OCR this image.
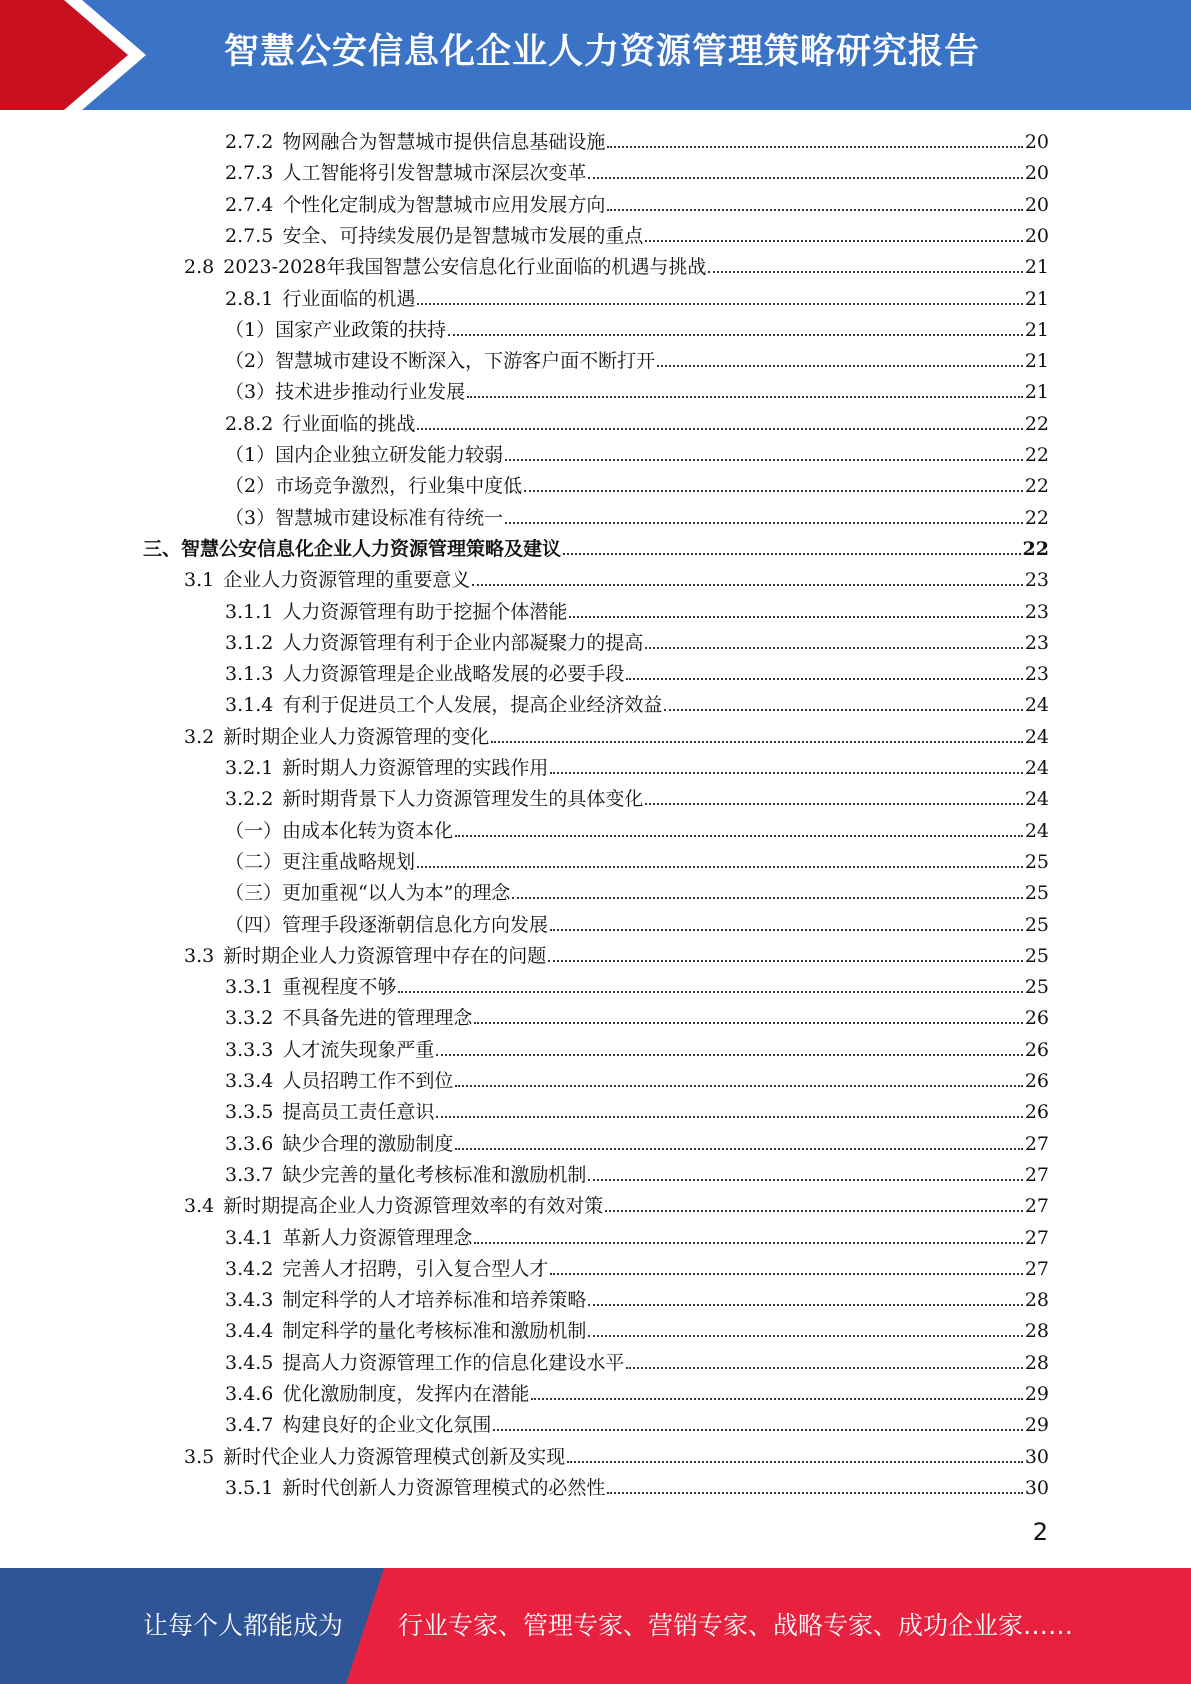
智慧公安信息化企业人力资源管理策略研究报告
2.7.2 物网融合为智慧城市提供信息基础设施	20
2.7.3 人工智能将引发智慧城市深层次变革	20
2.7.4 个性化定制成为智慧城市应用发展方向	20
2.7.5 安全、可持续发展仍是智慧城市发展的重点	20
2.8 2023-2028年我国智慧公安信息化行业面临的机遇与挑战	21
2.8.1 行业面临的机遇	21
（1）国家产业政策的扶持	21
（2）智慧城市建设不断深入，下游客户面不断打开	21
（3）技术进步推动行业发展	21
2.8.2 行业面临的挑战	22
（1）国内企业独立研发能力较弱	22
（2）市场竞争激烈，行业集中度低	22
（3）智慧城市建设标准有待统一	22
三、智慧公安信息化企业人力资源管理策略及建议	22
3.1 企业人力资源管理的重要意义	23
3.1.1 人力资源管理有助于挖掘个体潜能	23
3.1.2 人力资源管理有利于企业内部凝聚力的提高	23
3.1.3 人力资源管理是企业战略发展的必要手段	23
3.1.4 有利于促进员工个人发展，提高企业经济效益	24
3.2 新时期企业人力资源管理的变化	24
3.2.1 新时期人力资源管理的实践作用	24
3.2.2 新时期背景下人力资源管理发生的具体变化	24
（一）由成本化转为资本化	24
（二）更注重战略规划	25
（三）更加重视“以人为本”的理念	25
（四）管理手段逐渐朝信息化方向发展	25
3.3 新时期企业人力资源管理中存在的问题	25
3.3.1 重视程度不够	25
3.3.2 不具备先进的管理理念	26
3.3.3 人才流失现象严重	26
3.3.4 人员招聘工作不到位	26
3.3.5 提高员工责任意识	26
3.3.6 缺少合理的激励制度	27
3.3.7 缺少完善的量化考核标准和激励机制	27
3.4 新时期提高企业人力资源管理效率的有效对策	27
3.4.1 革新人力资源管理理念	27
3.4.2 完善人才招聘，引入复合型人才	27
3.4.3 制定科学的人才培养标准和培养策略	28
3.4.4 制定科学的量化考核标准和激励机制	28
3.4.5 提高人力资源管理工作的信息化建设水平	28
3.4.6 优化激励制度，发挥内在潜能	29
3.4.7 构建良好的企业文化氛围	29
3.5 新时代企业人力资源管理模式创新及实现	30
3.5.1 新时代创新人力资源管理模式的必然性	30
2
让每个人都能成为 行业专家、管理专家、营销专家、战略专家、成功企业家……
